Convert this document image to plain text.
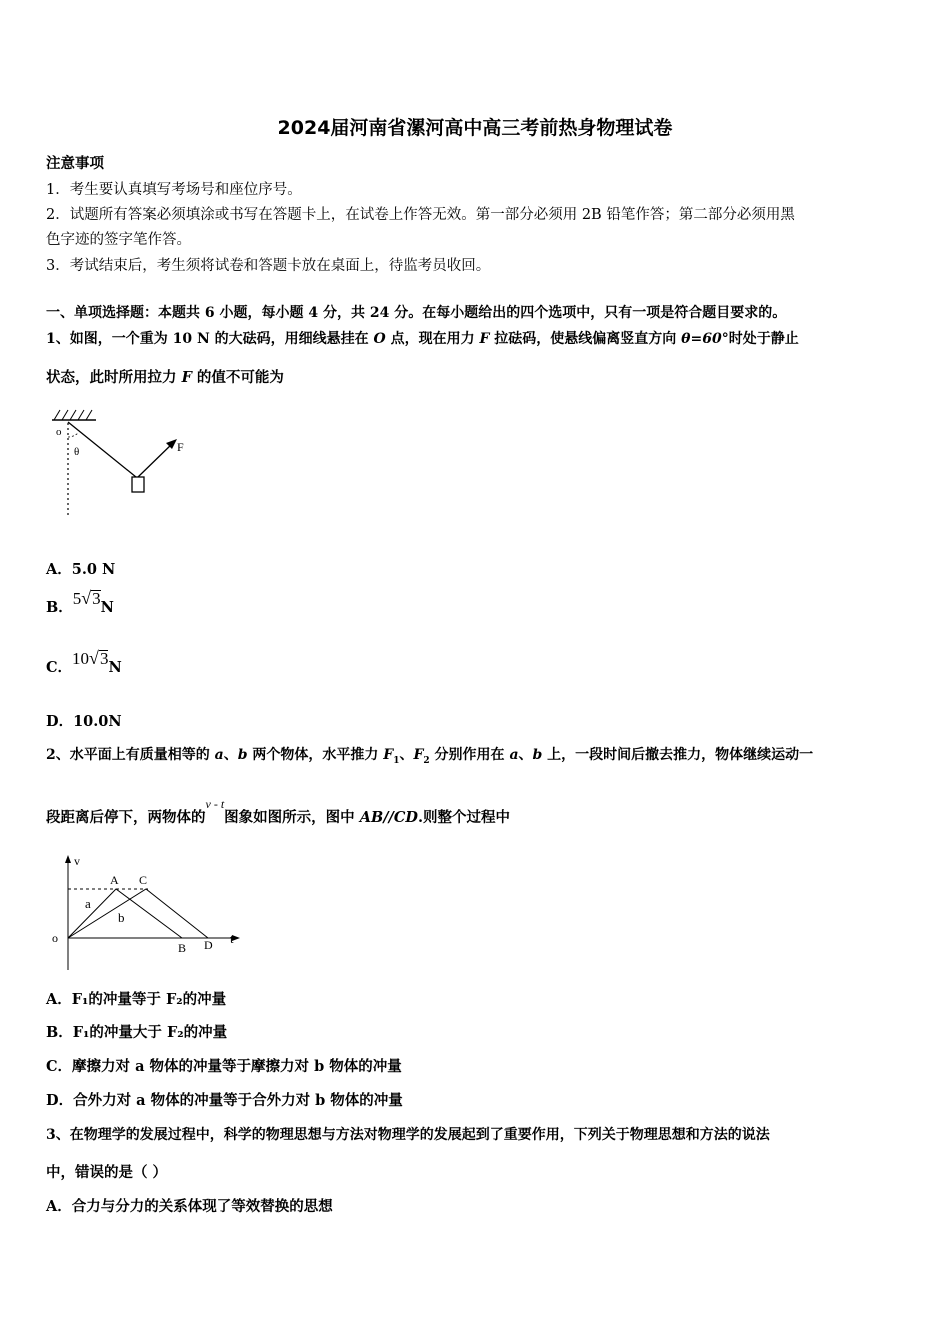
2024届河南省漯河高中高三考前热身物理试卷
注意事项
1．考生要认真填写考场号和座位序号。
2．试题所有答案必须填涂或书写在答题卡上，在试卷上作答无效。第一部分必须用 2B 铅笔作答；第二部分必须用黑
色字迹的签字笔作答。
3．考试结束后，考生须将试卷和答题卡放在桌面上，待监考员收回。
一、单项选择题：本题共 6 小题，每小题 4 分，共 24 分。在每小题给出的四个选项中，只有一项是符合题目要求的。
1、如图，一个重为 10 N 的大砝码，用细线悬挂在 O 点，现在用力 F 拉砝码，使悬线偏离竖直方向 θ=60°时处于静止
状态，此时所用拉力 F 的值不可能为
o
θ	F
A．5.0 N
B．5√3N
C．10√3N
D．10.0N
2、水平面上有质量相等的 a、b 两个物体，水平推力 $F_1$、$F_2$ 分别作用在 a、b 上，一段时间后撤去推力，物体继续运动一
段距离后停下，两物体的$^{v - t}$图象如图所示，图中 AB//CD.则整个过程中
v
t
o
A C
a
b
B D
A．F₁的冲量等于 F₂的冲量
B．F₁的冲量大于 F₂的冲量
C．摩擦力对 a 物体的冲量等于摩擦力对 b 物体的冲量
D．合外力对 a 物体的冲量等于合外力对 b 物体的冲量
3、在物理学的发展过程中，科学的物理思想与方法对物理学的发展起到了重要作用，下列关于物理思想和方法的说法
中，错误的是（ ）
A．合力与分力的关系体现了等效替换的思想
